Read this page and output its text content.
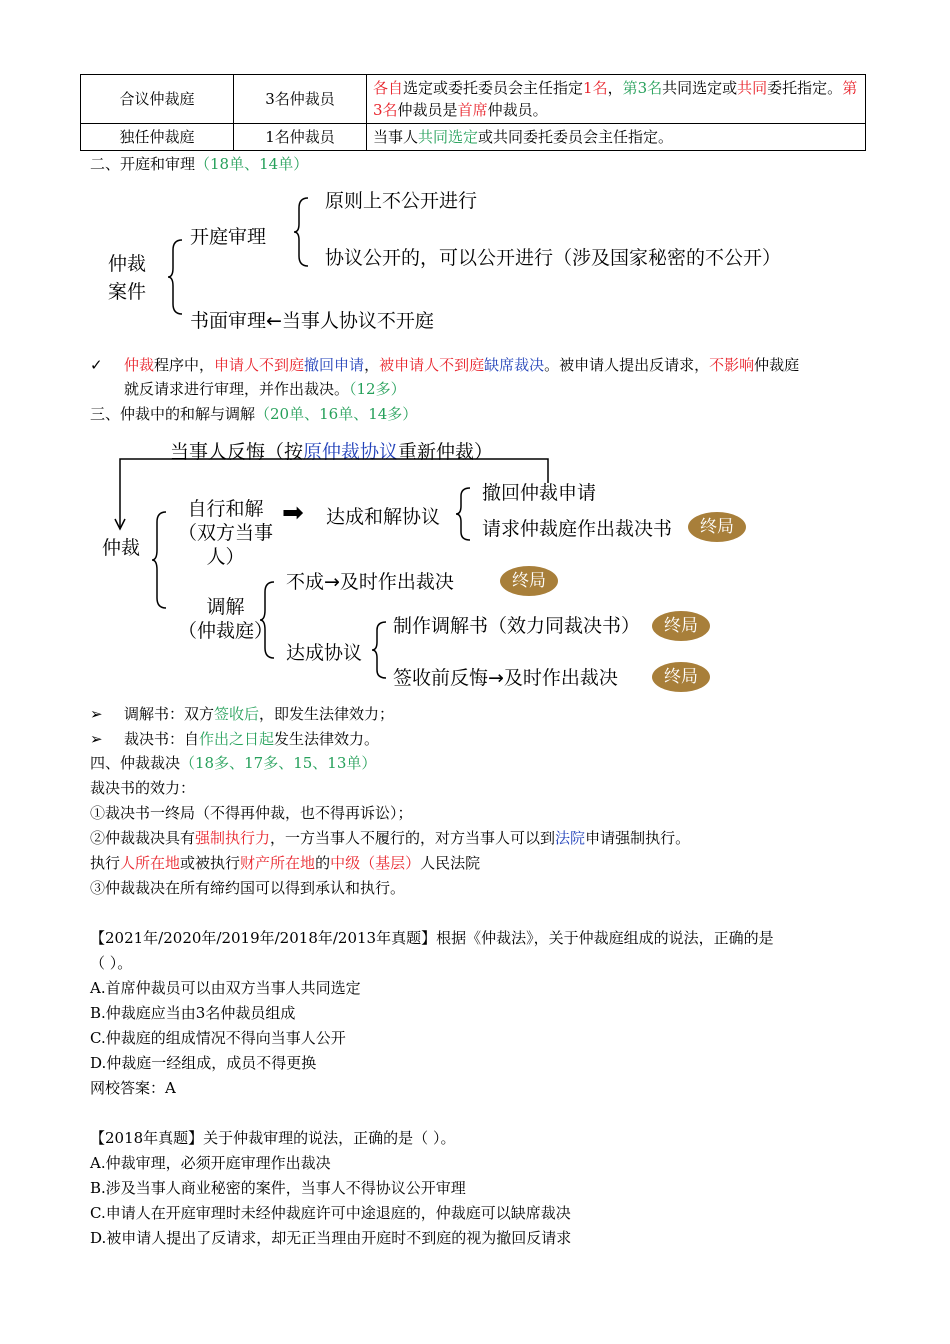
合议仲裁庭	3名仲裁员	各自选定或委托委员会主任指定1名，第3名共同选定或共同委托指定。第3名仲裁员是首席仲裁员。
独任仲裁庭	1名仲裁员	当事人共同选定或共同委托委员会主任指定。
二、开庭和审理（18单、14单）
仲裁
案件
开庭审理
原则上不公开进行
协议公开的，可以公开进行（涉及国家秘密的不公开）
书面审理←当事人协议不开庭
✓ 仲裁程序中，申请人不到庭撤回申请，被申请人不到庭缺席裁决。被申请人提出反请求，不影响仲裁庭
就反请求进行审理，并作出裁决。（12多）
三、仲裁中的和解与调解（20单、16单、14多）
当事人反悔（按原仲裁协议重新仲裁）
仲裁
自行和解
（双方当事
人）
➡ 达成和解协议
撤回仲裁申请
请求仲裁庭作出裁决书	终局
调解
（仲裁庭）
不成→及时作出裁决	终局
达成协议
制作调解书（效力同裁决书）	终局
签收前反悔→及时作出裁决	终局
➢ 调解书：双方签收后，即发生法律效力；
➢ 裁决书：自作出之日起发生法律效力。
四、仲裁裁决（18多、17多、15、13单）
裁决书的效力：
①裁决书一终局（不得再仲裁，也不得再诉讼）；
②仲裁裁决具有强制执行力，一方当事人不履行的，对方当事人可以到法院申请强制执行。
执行人所在地或被执行财产所在地的中级（基层）人民法院
③仲裁裁决在所有缔约国可以得到承认和执行。
【2021年/2020年/2019年/2018年/2013年真题】根据《仲裁法》，关于仲裁庭组成的说法，正确的是
（ ）。
A.首席仲裁员可以由双方当事人共同选定
B.仲裁庭应当由3名仲裁员组成
C.仲裁庭的组成情况不得向当事人公开
D.仲裁庭一经组成，成员不得更换
网校答案：A
【2018年真题】关于仲裁审理的说法，正确的是（ ）。
A.仲裁审理，必须开庭审理作出裁决
B.涉及当事人商业秘密的案件，当事人不得协议公开审理
C.申请人在开庭审理时未经仲裁庭许可中途退庭的，仲裁庭可以缺席裁决
D.被申请人提出了反请求，却无正当理由开庭时不到庭的视为撤回反请求
